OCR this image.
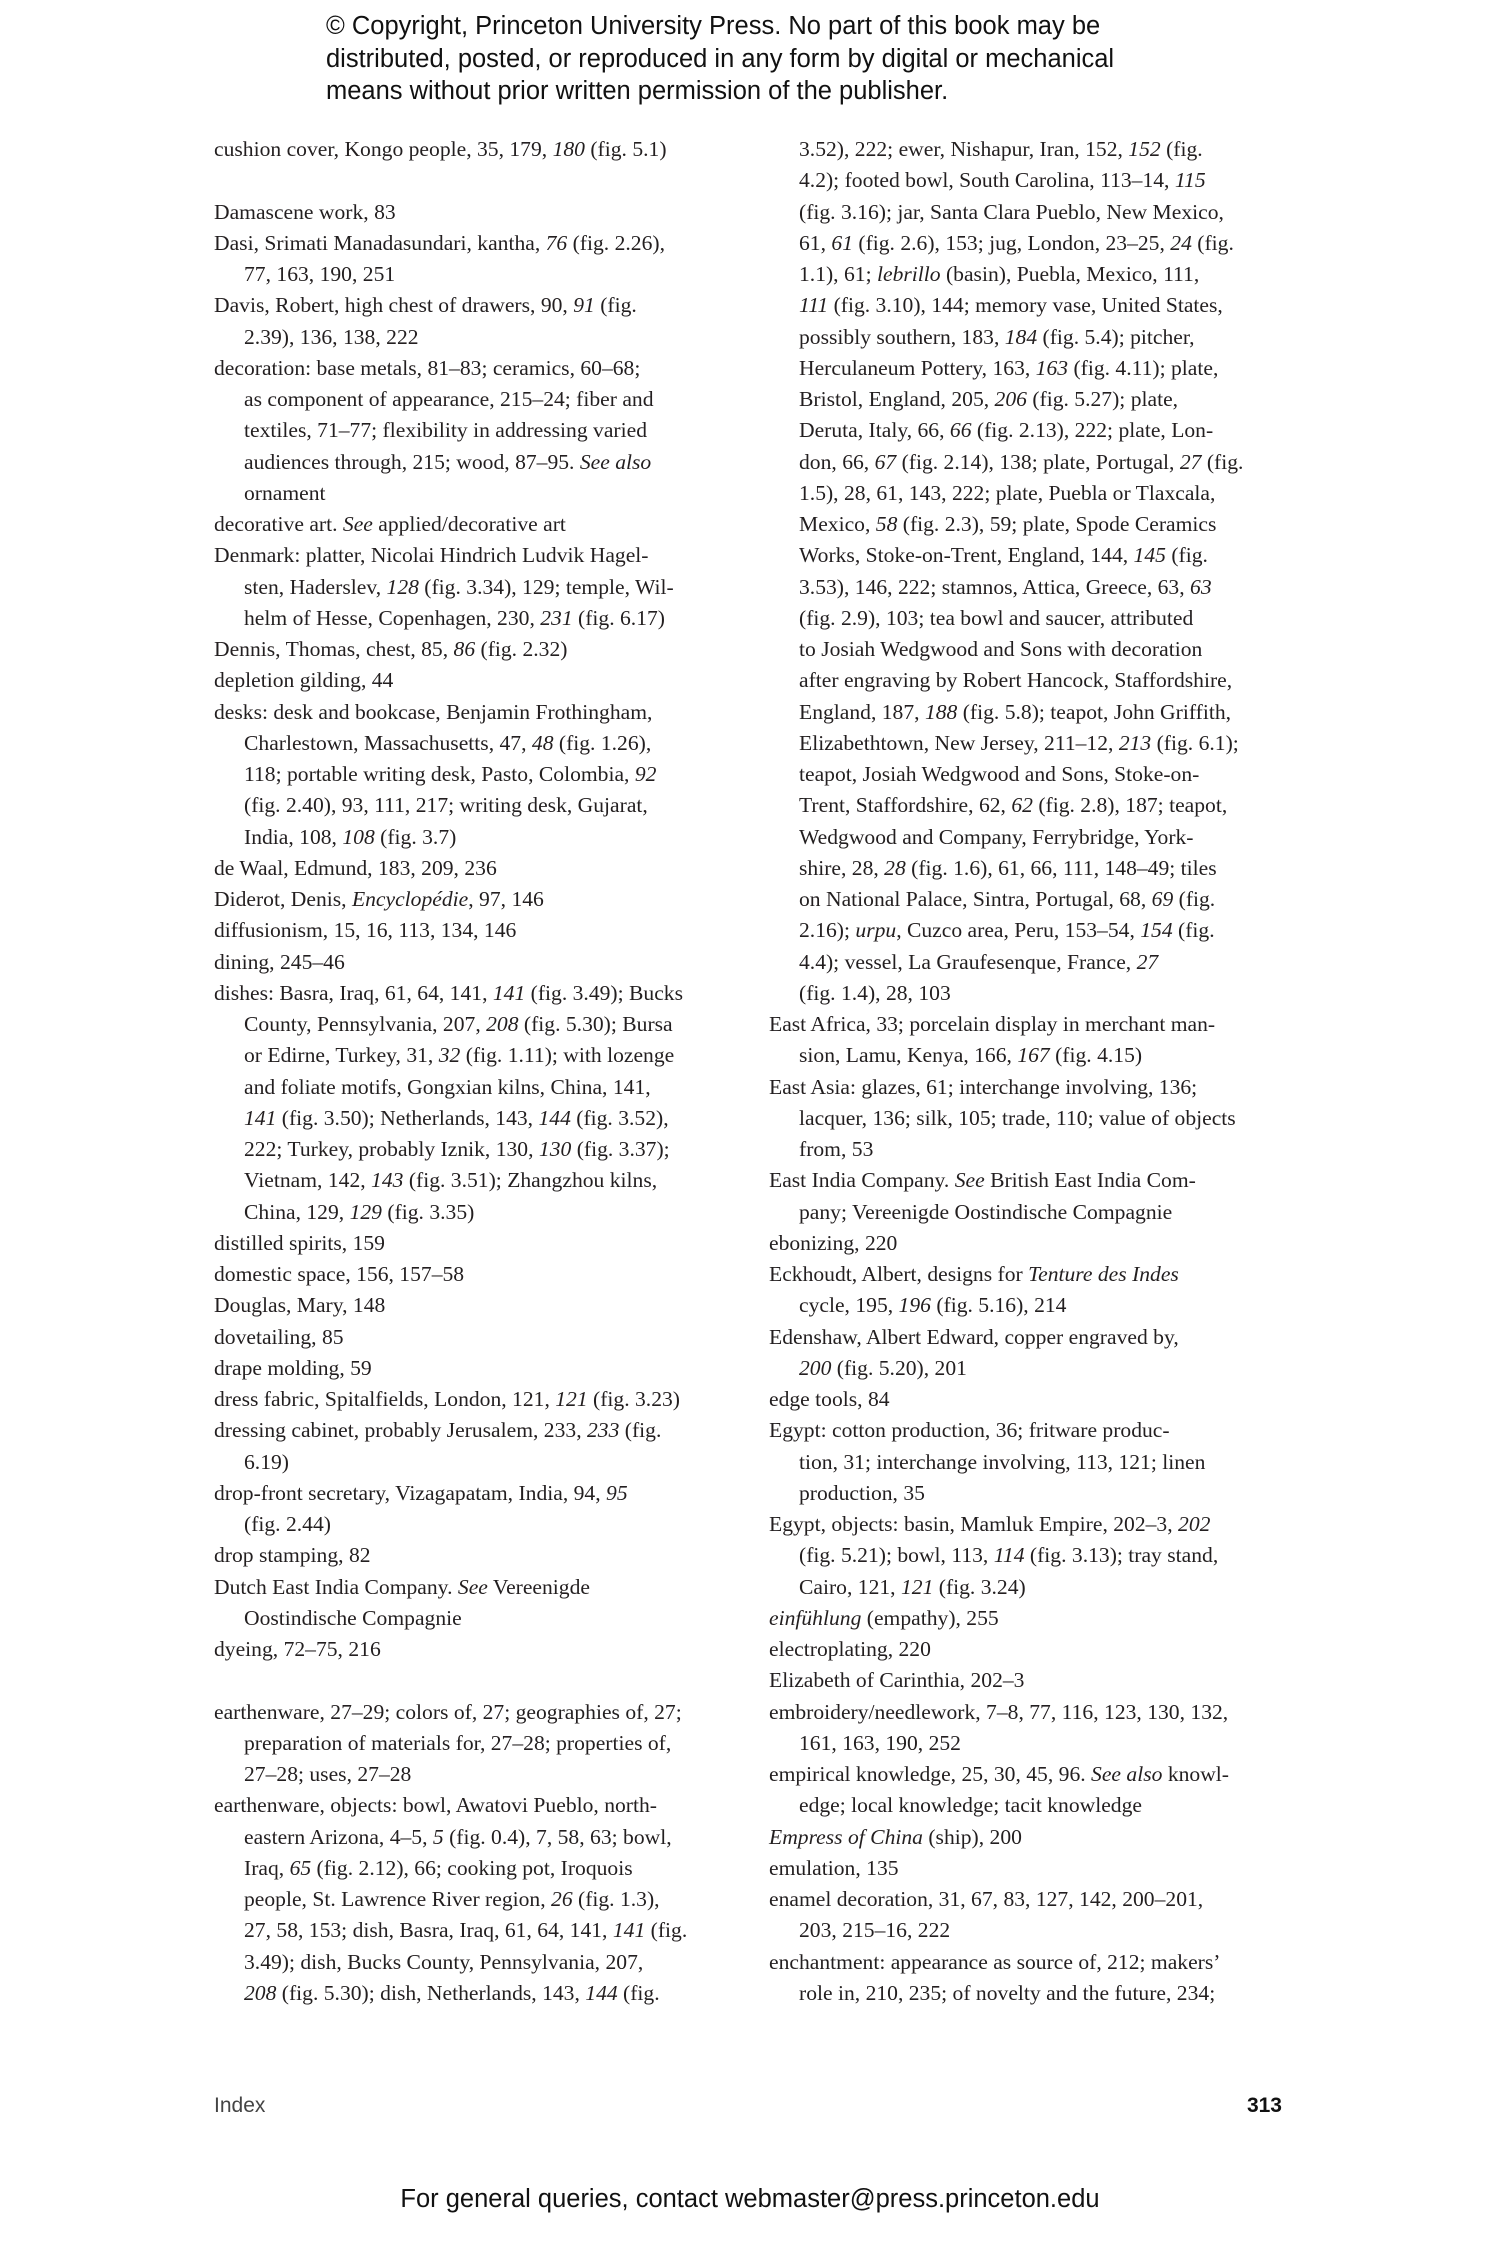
© Copyright, Princeton University Press. No part of this book may be
distributed, posted, or reproduced in any form by digital or mechanical
means without prior written permission of the publisher.
cushion cover, Kongo people, 35, 179, 180 (fig. 5.1)
Damascene work, 83
Dasi, Srimati Manadasundari, kantha, 76 (fig. 2.26),
77, 163, 190, 251
Davis, Robert, high chest of drawers, 90, 91 (fig.
2.39), 136, 138, 222
decoration: base metals, 81–83; ceramics, 60–68;
as component of appearance, 215–24; fiber and
textiles, 71–77; flexibility in addressing varied
audiences through, 215; wood, 87–95. See also
ornament
decorative art. See applied/decorative art
Denmark: platter, Nicolai Hindrich Ludvik Hagel-
sten, Haderslev, 128 (fig. 3.34), 129; temple, Wil-
helm of Hesse, Copenhagen, 230, 231 (fig. 6.17)
Dennis, Thomas, chest, 85, 86 (fig. 2.32)
depletion gilding, 44
desks: desk and bookcase, Benjamin Frothingham,
Charlestown, Massachusetts, 47, 48 (fig. 1.26),
118; portable writing desk, Pasto, Colombia, 92
(fig. 2.40), 93, 111, 217; writing desk, Gujarat,
India, 108, 108 (fig. 3.7)
de Waal, Edmund, 183, 209, 236
Diderot, Denis, Encyclopédie, 97, 146
diffusionism, 15, 16, 113, 134, 146
dining, 245–46
dishes: Basra, Iraq, 61, 64, 141, 141 (fig. 3.49); Bucks
County, Pennsylvania, 207, 208 (fig. 5.30); Bursa
or Edirne, Turkey, 31, 32 (fig. 1.11); with lozenge
and foliate motifs, Gongxian kilns, China, 141,
141 (fig. 3.50); Netherlands, 143, 144 (fig. 3.52),
222; Turkey, probably Iznik, 130, 130 (fig. 3.37);
Vietnam, 142, 143 (fig. 3.51); Zhangzhou kilns,
China, 129, 129 (fig. 3.35)
distilled spirits, 159
domestic space, 156, 157–58
Douglas, Mary, 148
dovetailing, 85
drape molding, 59
dress fabric, Spitalfields, London, 121, 121 (fig. 3.23)
dressing cabinet, probably Jerusalem, 233, 233 (fig.
6.19)
drop-front secretary, Vizagapatam, India, 94, 95
(fig. 2.44)
drop stamping, 82
Dutch East India Company. See Vereenigde
Oostindische Compagnie
dyeing, 72–75, 216
earthenware, 27–29; colors of, 27; geographies of, 27;
preparation of materials for, 27–28; properties of,
27–28; uses, 27–28
earthenware, objects: bowl, Awatovi Pueblo, north-
eastern Arizona, 4–5, 5 (fig. 0.4), 7, 58, 63; bowl,
Iraq, 65 (fig. 2.12), 66; cooking pot, Iroquois
people, St. Lawrence River region, 26 (fig. 1.3),
27, 58, 153; dish, Basra, Iraq, 61, 64, 141, 141 (fig.
3.49); dish, Bucks County, Pennsylvania, 207,
208 (fig. 5.30); dish, Netherlands, 143, 144 (fig.
3.52), 222; ewer, Nishapur, Iran, 152, 152 (fig.
4.2); footed bowl, South Carolina, 113–14, 115
(fig. 3.16); jar, Santa Clara Pueblo, New Mexico,
61, 61 (fig. 2.6), 153; jug, London, 23–25, 24 (fig.
1.1), 61; lebrillo (basin), Puebla, Mexico, 111,
111 (fig. 3.10), 144; memory vase, United States,
possibly southern, 183, 184 (fig. 5.4); pitcher,
Herculaneum Pottery, 163, 163 (fig. 4.11); plate,
Bristol, England, 205, 206 (fig. 5.27); plate,
Deruta, Italy, 66, 66 (fig. 2.13), 222; plate, Lon-
don, 66, 67 (fig. 2.14), 138; plate, Portugal, 27 (fig.
1.5), 28, 61, 143, 222; plate, Puebla or Tlaxcala,
Mexico, 58 (fig. 2.3), 59; plate, Spode Ceramics
Works, Stoke-on-Trent, England, 144, 145 (fig.
3.53), 146, 222; stamnos, Attica, Greece, 63, 63
(fig. 2.9), 103; tea bowl and saucer, attributed
to Josiah Wedgwood and Sons with decoration
after engraving by Robert Hancock, Staffordshire,
England, 187, 188 (fig. 5.8); teapot, John Griffith,
Elizabethtown, New Jersey, 211–12, 213 (fig. 6.1);
teapot, Josiah Wedgwood and Sons, Stoke-on-
Trent, Staffordshire, 62, 62 (fig. 2.8), 187; teapot,
Wedgwood and Company, Ferrybridge, York-
shire, 28, 28 (fig. 1.6), 61, 66, 111, 148–49; tiles
on National Palace, Sintra, Portugal, 68, 69 (fig.
2.16); urpu, Cuzco area, Peru, 153–54, 154 (fig.
4.4); vessel, La Graufesenque, France, 27
(fig. 1.4), 28, 103
East Africa, 33; porcelain display in merchant man-
sion, Lamu, Kenya, 166, 167 (fig. 4.15)
East Asia: glazes, 61; interchange involving, 136;
lacquer, 136; silk, 105; trade, 110; value of objects
from, 53
East India Company. See British East India Com-
pany; Vereenigde Oostindische Compagnie
ebonizing, 220
Eckhoudt, Albert, designs for Tenture des Indes
cycle, 195, 196 (fig. 5.16), 214
Edenshaw, Albert Edward, copper engraved by,
200 (fig. 5.20), 201
edge tools, 84
Egypt: cotton production, 36; fritware produc-
tion, 31; interchange involving, 113, 121; linen
production, 35
Egypt, objects: basin, Mamluk Empire, 202–3, 202
(fig. 5.21); bowl, 113, 114 (fig. 3.13); tray stand,
Cairo, 121, 121 (fig. 3.24)
einfühlung (empathy), 255
electroplating, 220
Elizabeth of Carinthia, 202–3
embroidery/needlework, 7–8, 77, 116, 123, 130, 132,
161, 163, 190, 252
empirical knowledge, 25, 30, 45, 96. See also knowl-
edge; local knowledge; tacit knowledge
Empress of China (ship), 200
emulation, 135
enamel decoration, 31, 67, 83, 127, 142, 200–201,
203, 215–16, 222
enchantment: appearance as source of, 212; makers’
role in, 210, 235; of novelty and the future, 234;
Index	313
For general queries, contact webmaster@press.princeton.edu
